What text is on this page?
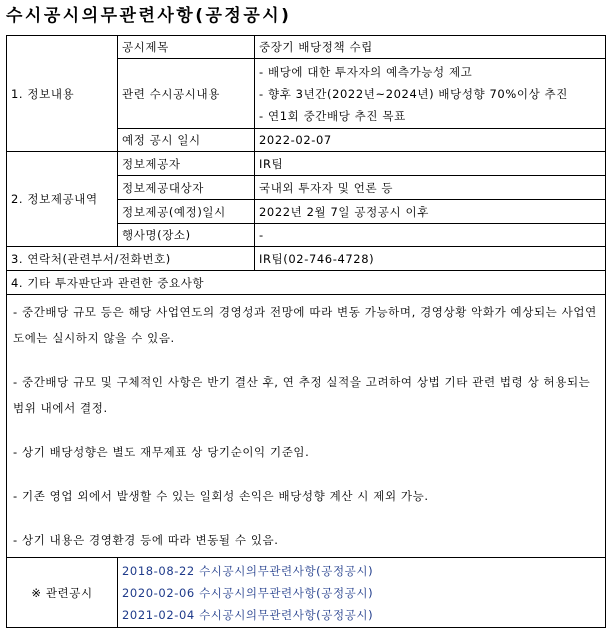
수시공시의무관련사항(공정공시)
1. 정보내용	공시제목	중장기 배당정책 수립
	관련 수시공시내용	- 배당에 대한 투자자의 예측가능성 제고
- 향후 3년간(2022년~2024년) 배당성향 70%이상 추진
- 연1회 중간배당 추진 목표

	예정 공시 일시	2022-02-07
2. 정보제공내역	정보제공자	IR팀
	정보제공대상자	국내외 투자자 및 언론 등
	정보제공(예정)일시	2022년 2월 7일 공정공시 이후
	행사명(장소)	-
3. 연락처(관련부서/전화번호)		IR팀(02-746-4728)
4. 기타 투자판단과 관련한 중요사항		

- 중간배당 규모 등은 해당 사업연도의 경영성과 전망에 따라 변동 가능하며, 경영상황 악화가 예상되는 사업연도에는 실시하지 않을 수 있음.

- 중간배당 규모 및 구체적인 사항은 반기 결산 후, 연 추정 실적을 고려하여 상법 기타 관련 법령 상 허용되는 범위 내에서 결정.

- 상기 배당성향은 별도 재무제표 상 당기순이익 기준임.

- 기존 영업 외에서 발생할 수 있는 일회성 손익은 배당성향 계산 시 제외 가능.

- 상기 내용은 경영환경 등에 따라 변동될 수 있음.		

※ 관련공시	2018-08-22 수시공시의무관련사항(공정공시)
2020-02-06 수시공시의무관련사항(공정공시)
2021-02-04 수시공시의무관련사항(공정공시)	
